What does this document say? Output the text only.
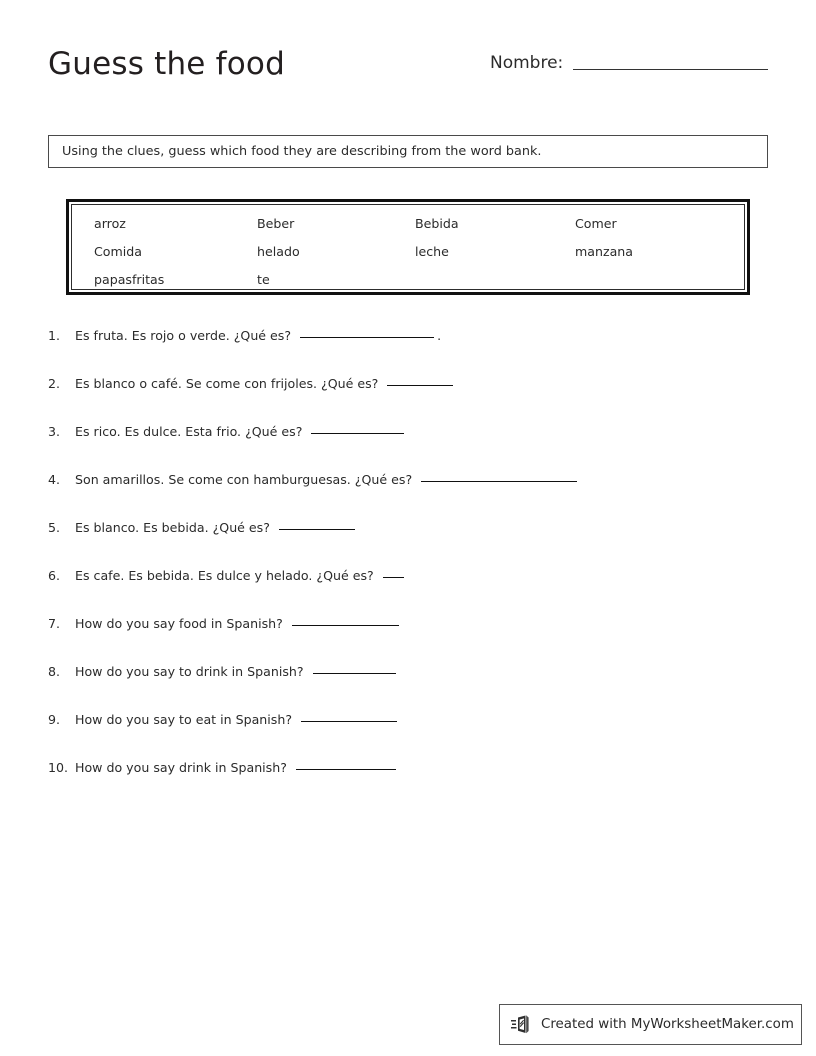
Guess the food	Nombre:
Using the clues, guess which food they are describing from the word bank.
arroz	Beber	Bebida	Comer
Comida	helado	leche	manzana
papasfritas	te
1. Es fruta. Es rojo o verde. ¿Qué es?	.
2. Es blanco o café. Se come con frijoles. ¿Qué es?
3. Es rico. Es dulce. Esta frio. ¿Qué es?
4. Son amarillos. Se come con hamburguesas. ¿Qué es?
5. Es blanco. Es bebida. ¿Qué es?
6. Es cafe. Es bebida. Es dulce y helado. ¿Qué es?
7. How do you say food in Spanish?
8. How do you say to drink in Spanish?
9. How do you say to eat in Spanish?
10. How do you say drink in Spanish?
Created with MyWorksheetMaker.com
